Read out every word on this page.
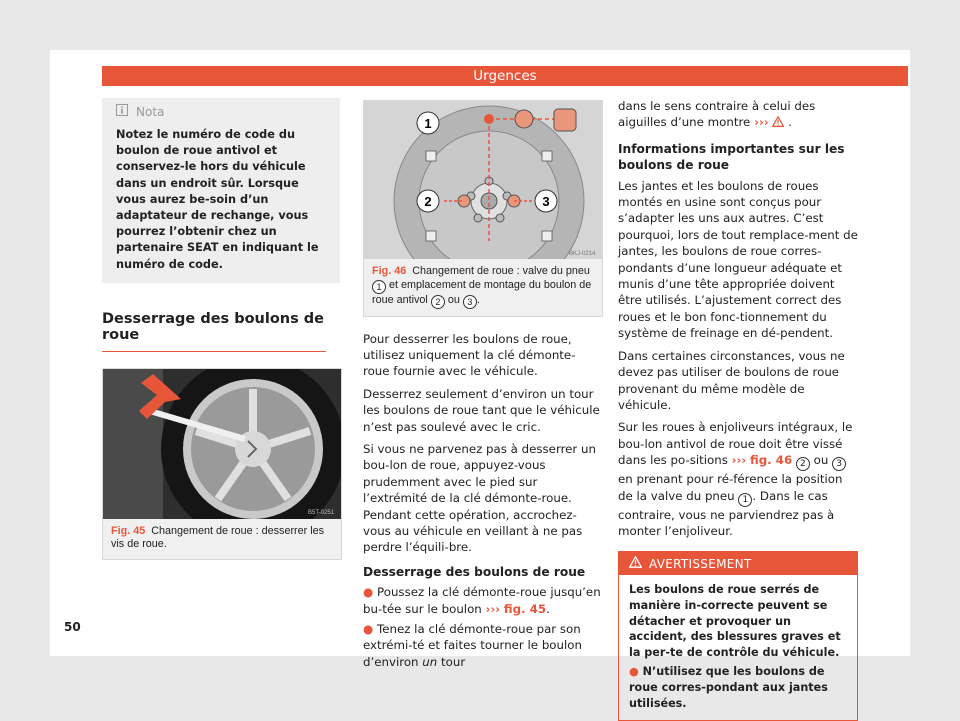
Urgences
Nota
Notez le numéro de code du boulon de roue antivol et conservez-le hors du véhicule dans un endroit sûr. Lorsque vous aurez be-soin d’un adaptateur de rechange, vous pourrez l’obtenir chez un partenaire SEAT en indiquant le numéro de code.
Desserrage des boulons de roue
B5T-0251
Fig. 45 Changement de roue : desserrer les vis de roue.
1
2	3
BKJ-0214
Fig. 46 Changement de roue : valve du pneu 1 et emplacement de montage du boulon de roue antivol 2 ou 3 .

Pour desserrer les boulons de roue, utilisez uniquement la clé démonte-roue fournie avec le véhicule.

Desserrez seulement d’environ un tour les boulons de roue tant que le véhicule n’est pas soulevé avec le cric.

Si vous ne parvenez pas à desserrer un bou-lon de roue, appuyez-vous prudemment avec le pied sur l’extrémité de la clé démonte-roue. Pendant cette opération, accrochez-vous au véhicule en veillant à ne pas perdre l’équili-bre.

Desserrage des boulons de roue

● Poussez la clé démonte-roue jusqu’en bu-tée sur le boulon ››› fig. 45.

● Tenez la clé démonte-roue par son extrémi-té et faites tourner le boulon d’environ un tour

dans le sens contraire à celui des aiguilles d’une montre ››› .

Informations importantes sur les boulons de roue

Les jantes et les boulons de roues montés en usine sont conçus pour s’adapter les uns aux autres. C’est pourquoi, lors de tout remplace-ment de jantes, les boulons de roue corres-pondants d’une longueur adéquate et munis d’une tête appropriée doivent être utilisés. L’ajustement correct des roues et le bon fonc-tionnement du système de freinage en dé-pendent.

Dans certaines circonstances, vous ne devez pas utiliser de boulons de roue provenant du même modèle de véhicule.

Sur les roues à enjoliveurs intégraux, le bou-lon antivol de roue doit être vissé dans les po-sitions ››› fig. 46 2 ou 3 en prenant pour ré-férence la position de la valve du pneu 1 . Dans le cas contraire, vous ne parviendrez pas à monter l’enjoliveur.

AVERTISSEMENT
Les boulons de roue serrés de manière in-correcte peuvent se détacher et provoquer un accident, des blessures graves et la per-te de contrôle du véhicule.
● N’utilisez que les boulons de roue corres-pondant aux jantes utilisées.
50
